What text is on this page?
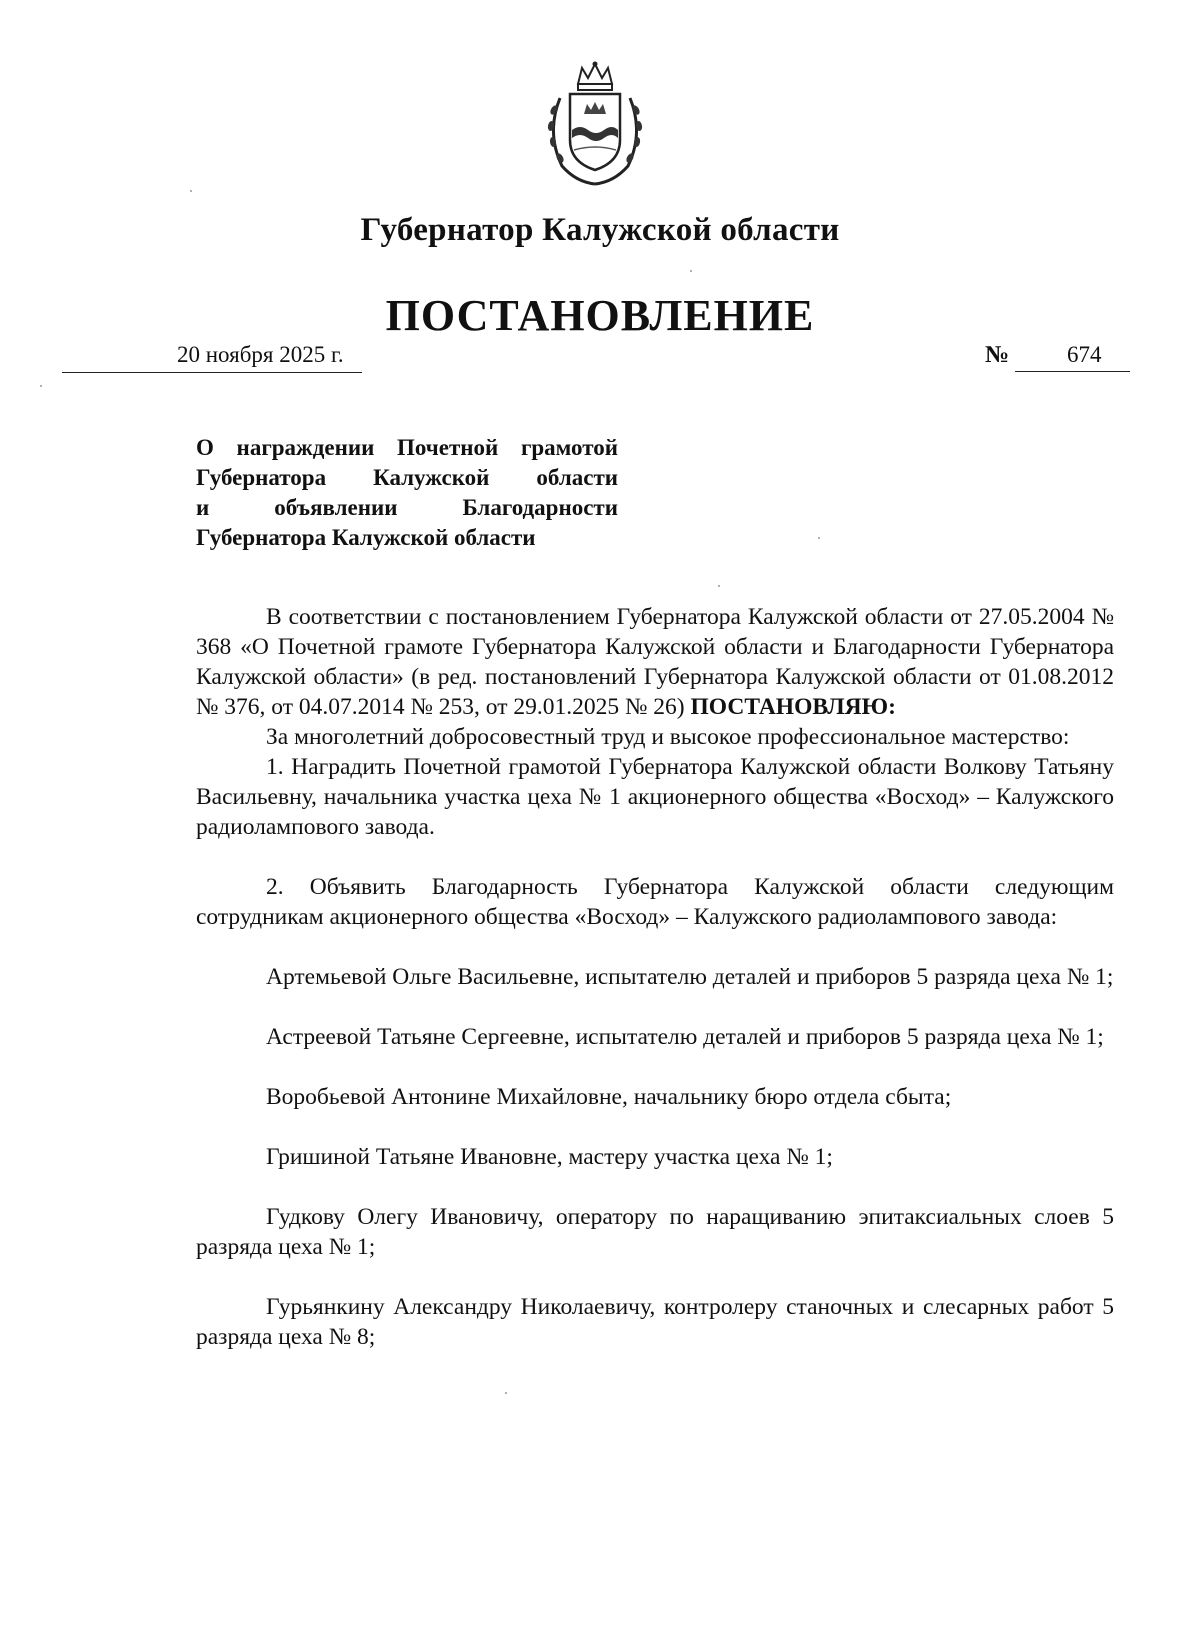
Губернатор Калужской области
ПОСТАНОВЛЕНИЕ
20 ноября 2025 г.	№	674
О награждении Почетной грамотой
Губернатора Калужской области
и объявлении Благодарности
Губернатора Калужской области

В соответствии с постановлением Губернатора Калужской области от 27.05.2004 № 368 «О Почетной грамоте Губернатора Калужской области и Благодарности Губернатора Калужской области» (в ред. постановлений Губернатора Калужской области от 01.08.2012 № 376, от 04.07.2014 № 253, от 29.01.2025 № 26) ПОСТАНОВЛЯЮ:

За многолетний добросовестный труд и высокое профессиональное мастерство:

1. Наградить Почетной грамотой Губернатора Калужской области Волкову Татьяну Васильевну, начальника участка цеха № 1 акционерного общества «Восход» – Калужского радиолампового завода.

2. Объявить Благодарность Губернатора Калужской области следующим сотрудникам акционерного общества «Восход» – Калужского радиолампового завода:

Артемьевой Ольге Васильевне, испытателю деталей и приборов 5 разряда цеха № 1;

Астреевой Татьяне Сергеевне, испытателю деталей и приборов 5 разряда цеха № 1;

Воробьевой Антонине Михайловне, начальнику бюро отдела сбыта;

Гришиной Татьяне Ивановне, мастеру участка цеха № 1;

Гудкову Олегу Ивановичу, оператору по наращиванию эпитаксиальных слоев 5 разряда цеха № 1;

Гурьянкину Александру Николаевичу, контролеру станочных и слесарных работ 5 разряда цеха № 8;
